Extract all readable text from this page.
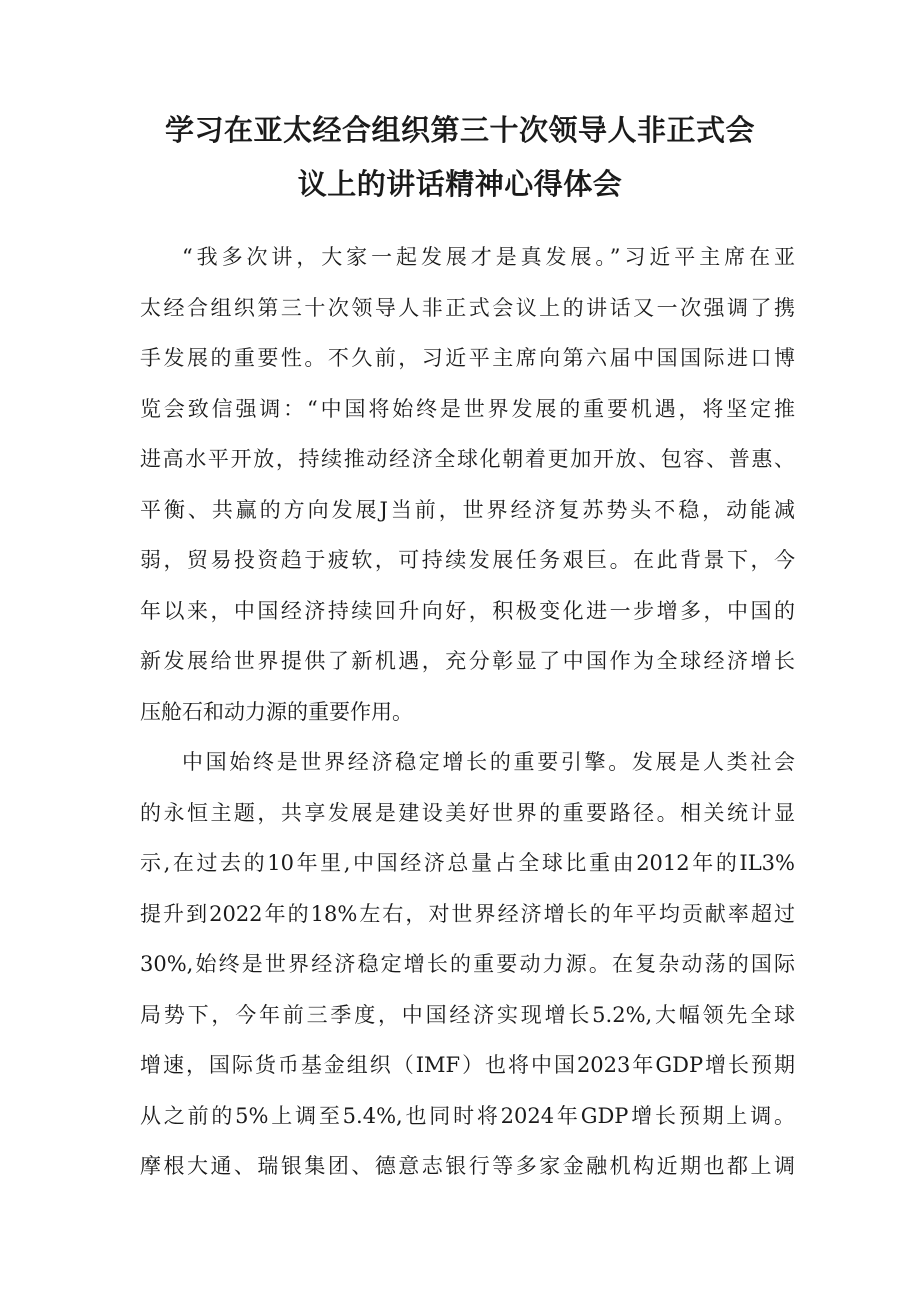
学习在亚太经合组织第三十次领导人非正式会
议上的讲话精神心得体会
“我多次讲，大家一起发展才是真发展。”习近平主席在亚
太经合组织第三十次领导人非正式会议上的讲话又一次强调了携
手发展的重要性。不久前，习近平主席向第六届中国国际进口博
览会致信强调：“中国将始终是世界发展的重要机遇，将坚定推
进高水平开放，持续推动经济全球化朝着更加开放、包容、普惠、
平衡、共赢的方向发展J当前，世界经济复苏势头不稳，动能减
弱，贸易投资趋于疲软，可持续发展任务艰巨。在此背景下，今
年以来，中国经济持续回升向好，积极变化进一步增多，中国的
新发展给世界提供了新机遇，充分彰显了中国作为全球经济增长
压舱石和动力源的重要作用。
中国始终是世界经济稳定增长的重要引擎。发展是人类社会
的永恒主题，共享发展是建设美好世界的重要路径。相关统计显
示,在过去的10年里,中国经济总量占全球比重由2012年的IL3%
提升到2022年的18%左右，对世界经济增长的年平均贡献率超过
30%,始终是世界经济稳定增长的重要动力源。在复杂动荡的国际
局势下，今年前三季度，中国经济实现增长5.2%,大幅领先全球
增速，国际货币基金组织（IMF）也将中国2023年GDP增长预期
从之前的5%上调至5.4%,也同时将2024年GDP增长预期上调。
摩根大通、瑞银集团、德意志银行等多家金融机构近期也都上调
